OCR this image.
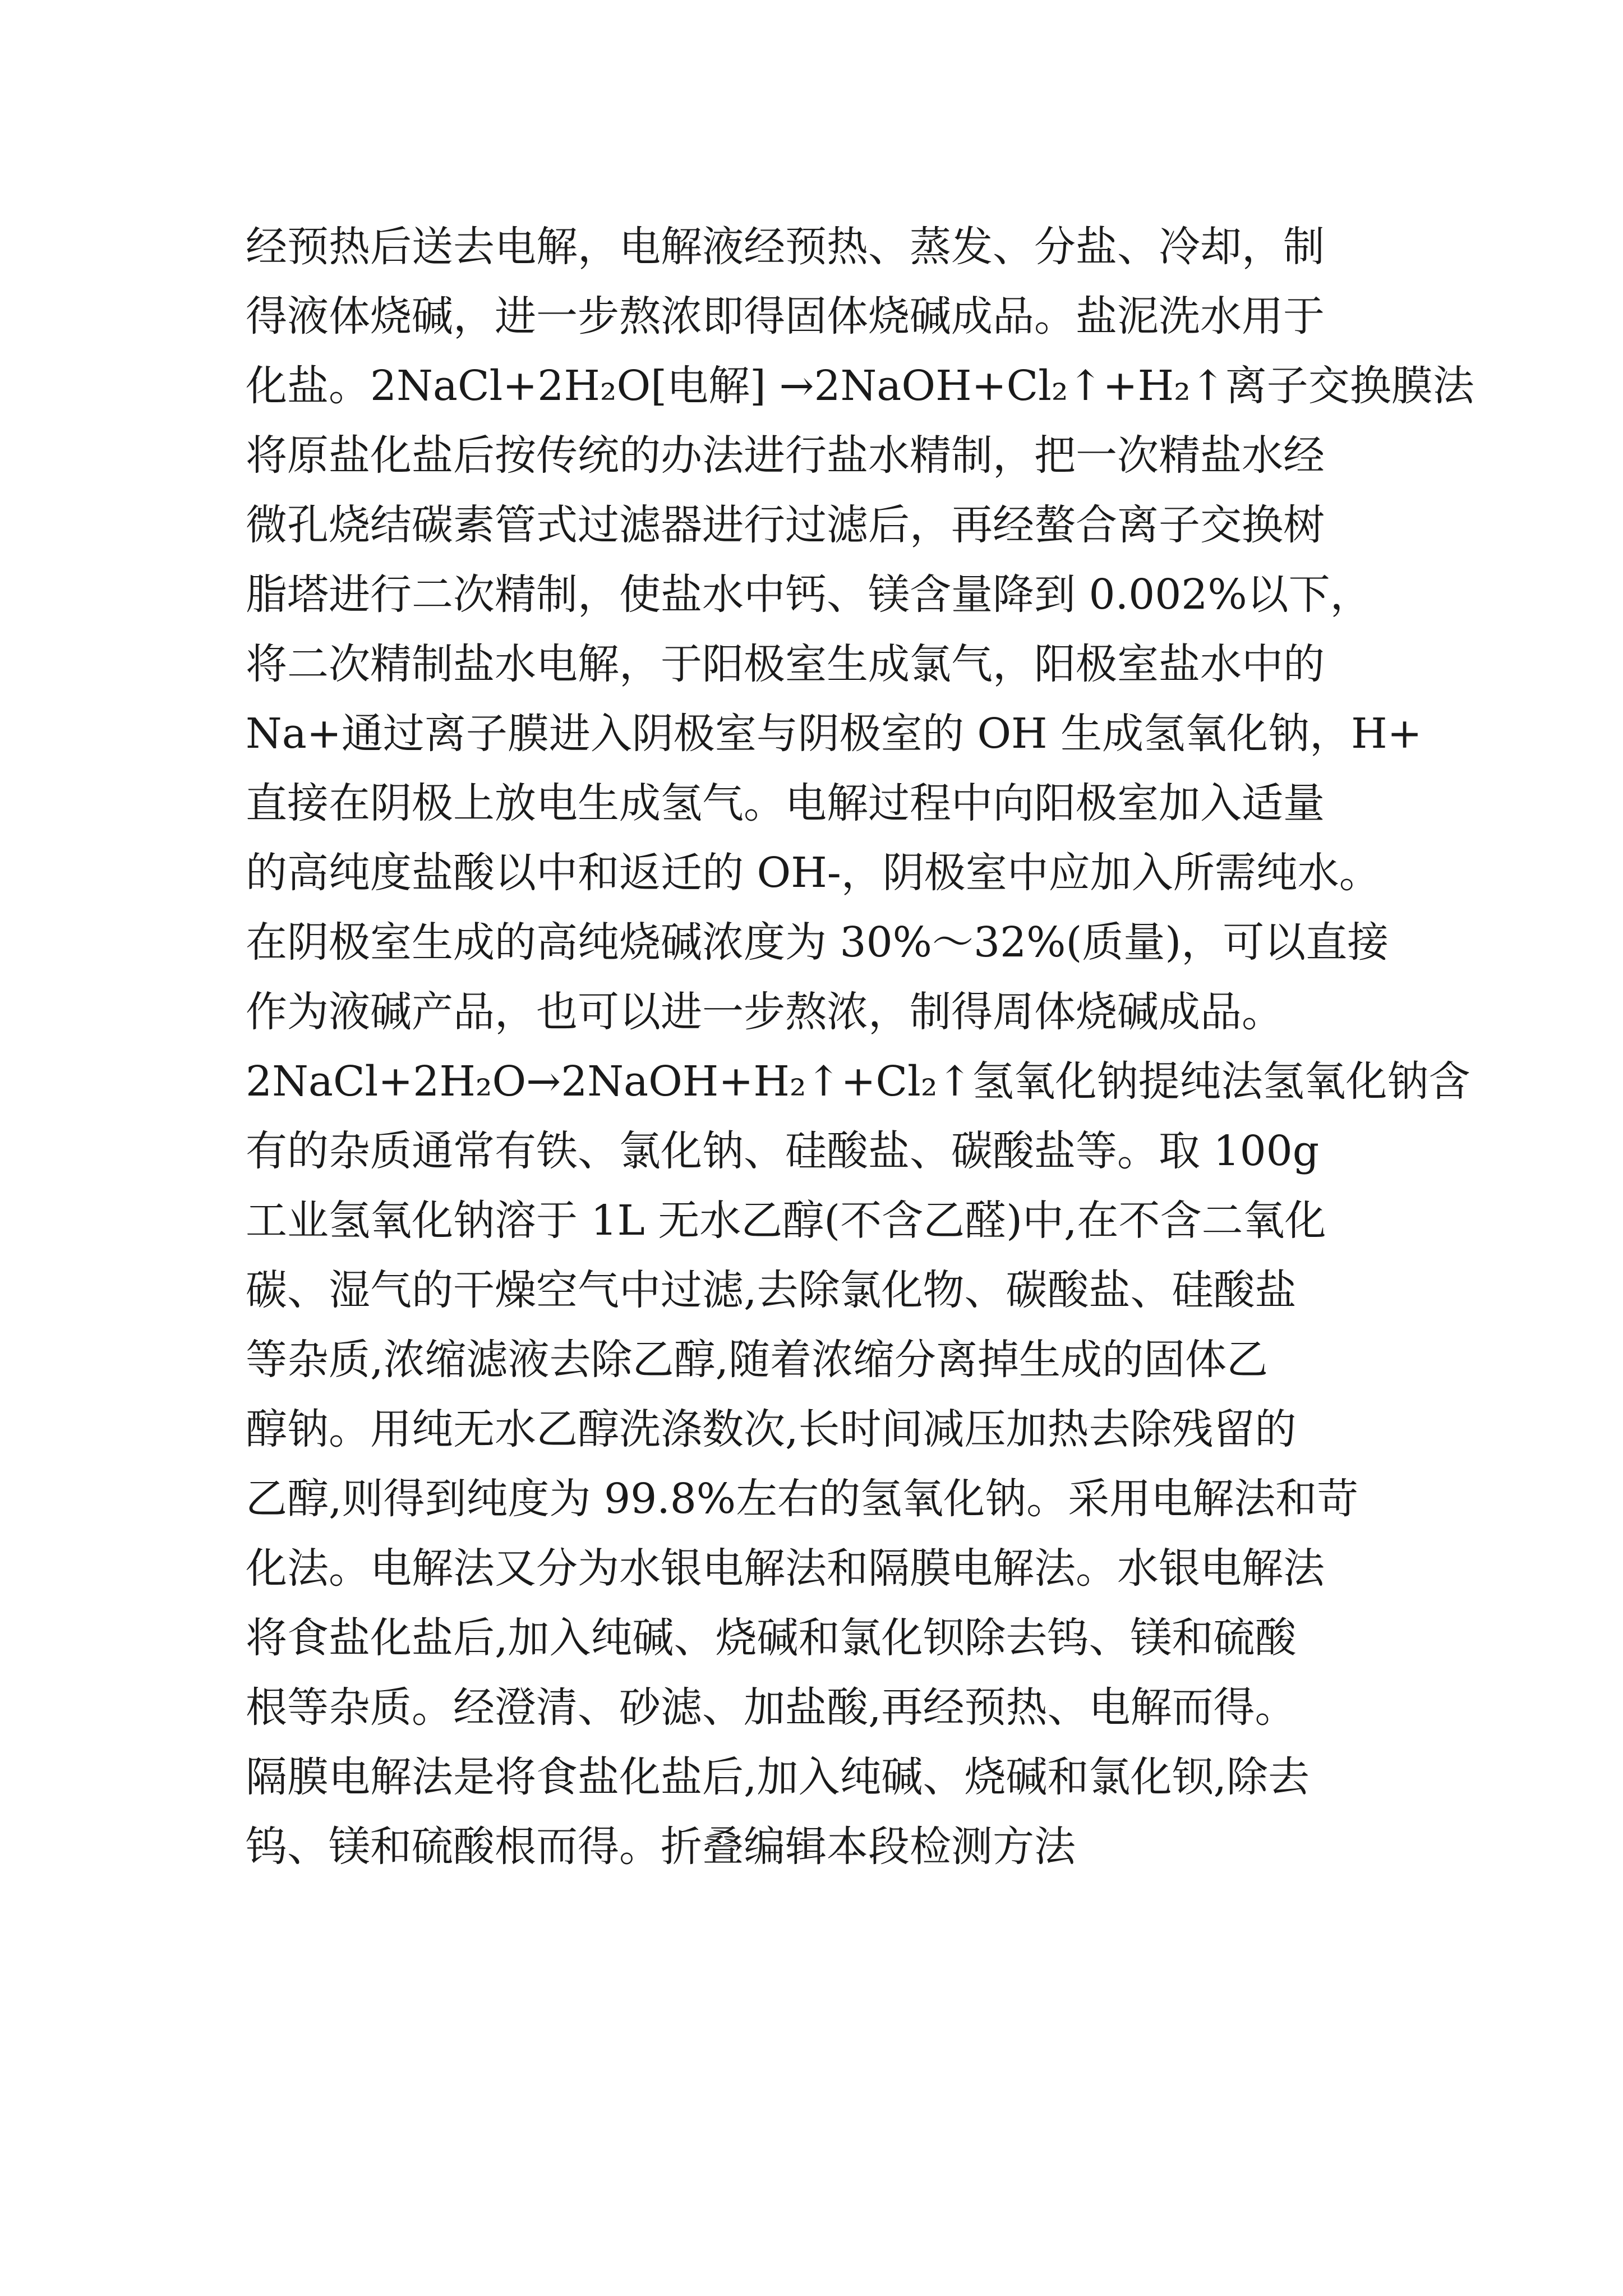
经预热后送去电解，电解液经预热、蒸发、分盐、冷却，制
得液体烧碱，进一步熬浓即得固体烧碱成品。盐泥洗水用于
化盐。2NaCl+2H₂O[电解] →2NaOH+Cl₂↑+H₂↑离子交换膜法
将原盐化盐后按传统的办法进行盐水精制，把一次精盐水经
微孔烧结碳素管式过滤器进行过滤后，再经螯合离子交换树
脂塔进行二次精制，使盐水中钙、镁含量降到 0.002%以下，
将二次精制盐水电解，于阳极室生成氯气，阳极室盐水中的
Na+通过离子膜进入阴极室与阴极室的 OH 生成氢氧化钠，H+
直接在阴极上放电生成氢气。电解过程中向阳极室加入适量
的高纯度盐酸以中和返迁的 OH-，阴极室中应加入所需纯水。
在阴极室生成的高纯烧碱浓度为 30%～32%(质量)，可以直接
作为液碱产品，也可以进一步熬浓，制得周体烧碱成品。
2NaCl+2H₂O→2NaOH+H₂↑+Cl₂↑氢氧化钠提纯法氢氧化钠含
有的杂质通常有铁、氯化钠、硅酸盐、碳酸盐等。取 100g
工业氢氧化钠溶于 1L 无水乙醇(不含乙醛)中,在不含二氧化
碳、湿气的干燥空气中过滤,去除氯化物、碳酸盐、硅酸盐
等杂质,浓缩滤液去除乙醇,随着浓缩分离掉生成的固体乙
醇钠。用纯无水乙醇洗涤数次,长时间减压加热去除残留的
乙醇,则得到纯度为 99.8%左右的氢氧化钠。采用电解法和苛
化法。电解法又分为水银电解法和隔膜电解法。水银电解法
将食盐化盐后,加入纯碱、烧碱和氯化钡除去钨、镁和硫酸
根等杂质。经澄清、砂滤、加盐酸,再经预热、电解而得。
隔膜电解法是将食盐化盐后,加入纯碱、烧碱和氯化钡,除去
钨、镁和硫酸根而得。折叠编辑本段检测方法
